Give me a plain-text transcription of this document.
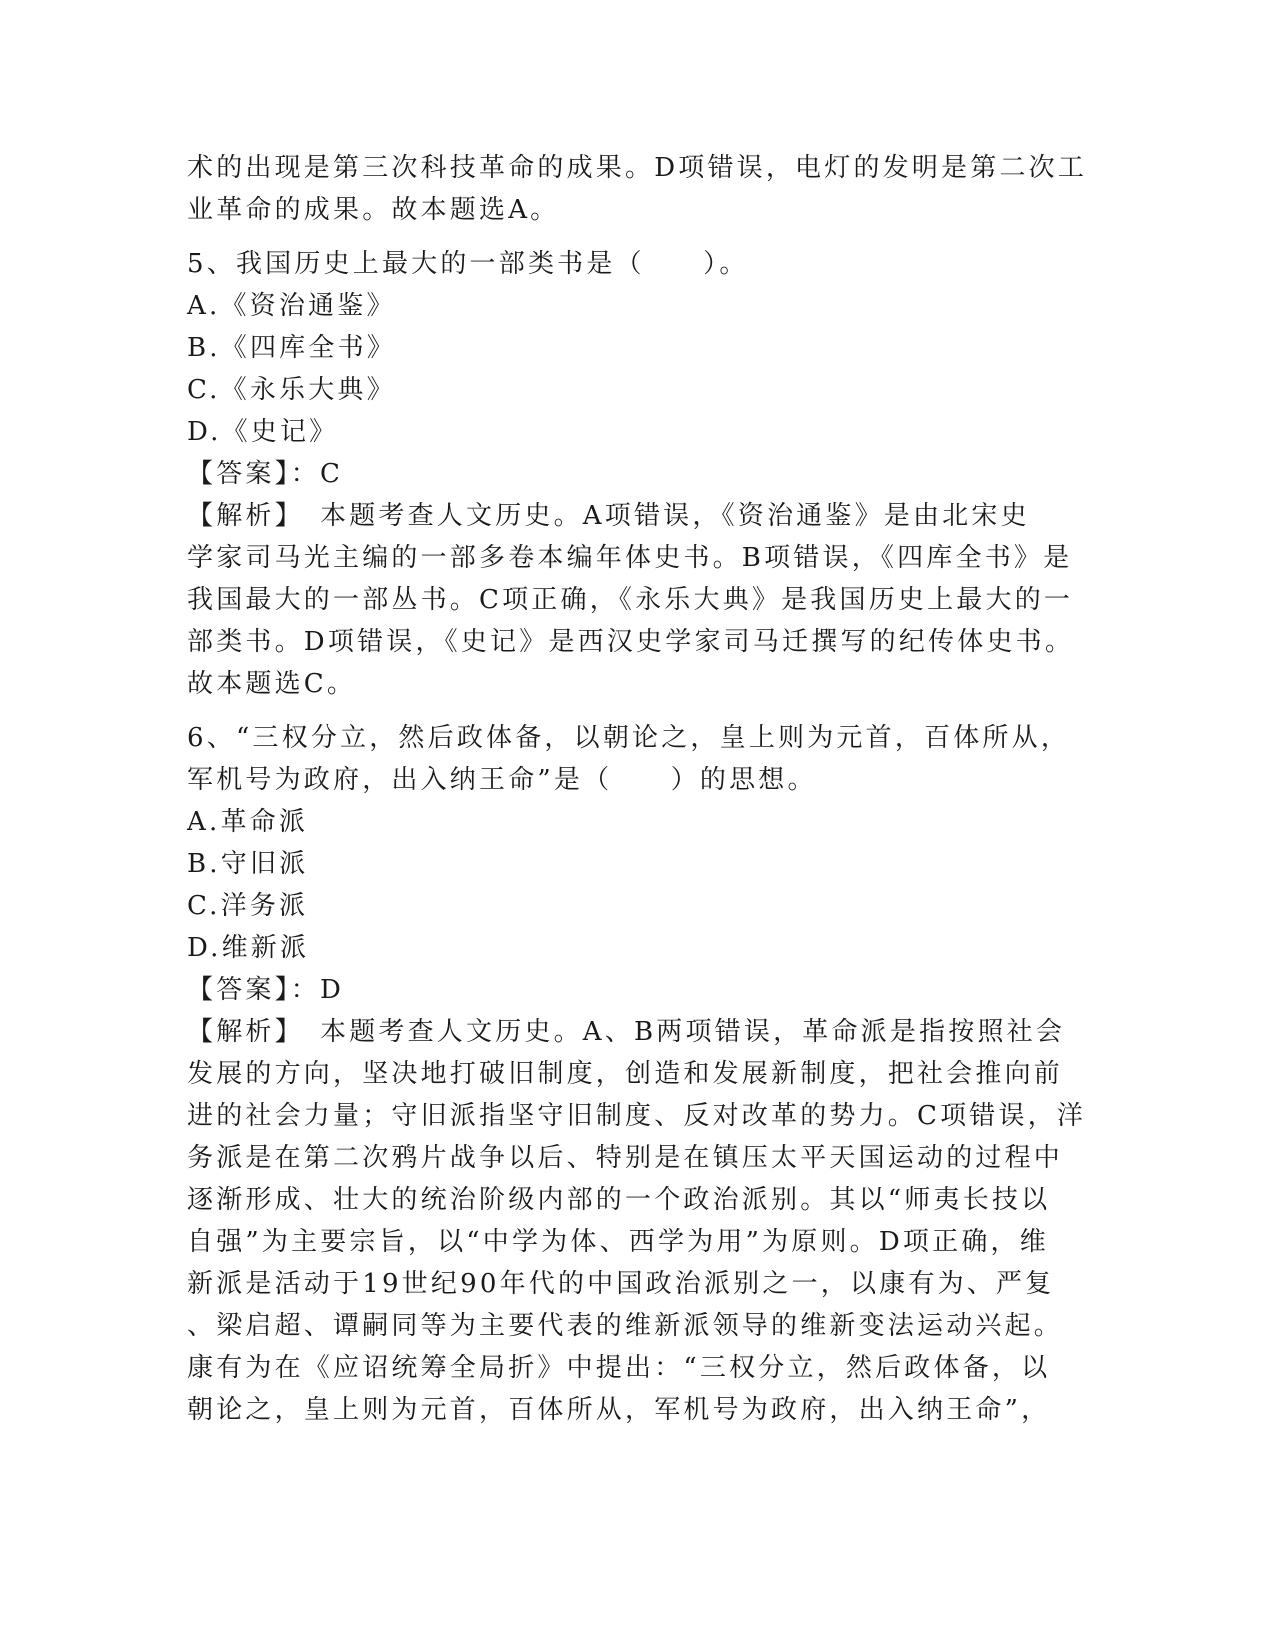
术的出现是第三次科技革命的成果。D项错误，电灯的发明是第二次工
业革命的成果。故本题选A。
5、我国历史上最大的一部类书是（　　）。
A.《资治通鉴》
B.《四库全书》
C.《永乐大典》
D.《史记》
【答案】：C
【解析】　本题考查人文历史。A项错误，《资治通鉴》是由北宋史
学家司马光主编的一部多卷本编年体史书。B项错误，《四库全书》是
我国最大的一部丛书。C项正确，《永乐大典》是我国历史上最大的一
部类书。D项错误，《史记》是西汉史学家司马迁撰写的纪传体史书。
故本题选C。
6、“三权分立，然后政体备，以朝论之，皇上则为元首，百体所从，
军机号为政府，出入纳王命”是（　　）的思想。
A.革命派
B.守旧派
C.洋务派
D.维新派
【答案】：D
【解析】　本题考查人文历史。A、B两项错误，革命派是指按照社会
发展的方向，坚决地打破旧制度，创造和发展新制度，把社会推向前
进的社会力量；守旧派指坚守旧制度、反对改革的势力。C项错误，洋
务派是在第二次鸦片战争以后、特别是在镇压太平天国运动的过程中
逐渐形成、壮大的统治阶级内部的一个政治派别。其以“师夷长技以
自强”为主要宗旨，以“中学为体、西学为用”为原则。D项正确，维
新派是活动于19世纪90年代的中国政治派别之一，以康有为、严复
、梁启超、谭嗣同等为主要代表的维新派领导的维新变法运动兴起。
康有为在《应诏统筹全局折》中提出：“三权分立，然后政体备，以
朝论之，皇上则为元首，百体所从，军机号为政府，出入纳王命”，
